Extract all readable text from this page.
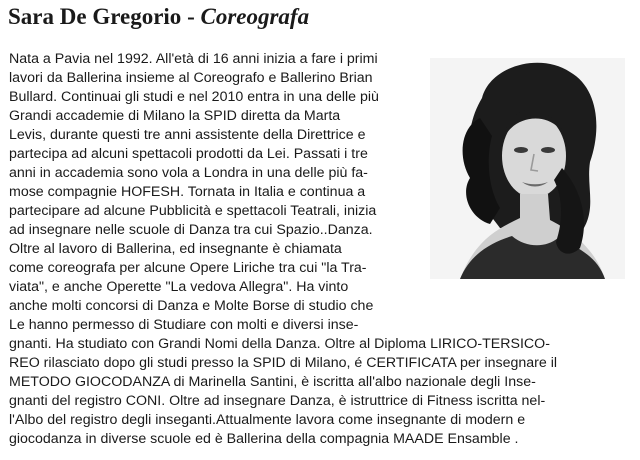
Sara De Gregorio - Coreografa
Nata a Pavia nel 1992. All'età di 16 anni inizia a fare i primi
lavori da Ballerina insieme al Coreografo e Ballerino Brian
Bullard. Continuai gli studi e nel 2010 entra in una delle più
Grandi accademie di Milano la SPID diretta da Marta
Levis, durante questi tre anni assistente della Direttrice e
partecipa ad alcuni spettacoli prodotti da Lei. Passati i tre
anni in accademia sono vola a Londra in una delle più fa-
mose compagnie HOFESH. Tornata in Italia e continua a
partecipare ad alcune Pubblicità e spettacoli Teatrali, inizia
ad insegnare nelle scuole di Danza tra cui Spazio..Danza.
Oltre al lavoro di Ballerina, ed insegnante è chiamata
come coreografa per alcune Opere Liriche tra cui "la Tra-
viata", e anche Operette "La vedova Allegra". Ha vinto
anche molti concorsi di Danza e Molte Borse di studio che
Le hanno permesso di Studiare con molti e diversi inse-
gnanti. Ha studiato con Grandi Nomi della Danza. Oltre al Diploma LIRICO-TERSICO-
REO rilasciato dopo gli studi presso la SPID di Milano, é CERTIFICATA per insegnare il
METODO GIOCODANZA di Marinella Santini, è iscritta all'albo nazionale degli Inse-
gnanti del registro CONI. Oltre ad insegnare Danza, è istruttrice di Fitness iscritta nel-
l'Albo del registro degli inseganti.Attualmente lavora come insegnante di modern e
giocodanza in diverse scuole ed è Ballerina della compagnia MAADE Ensamble .
